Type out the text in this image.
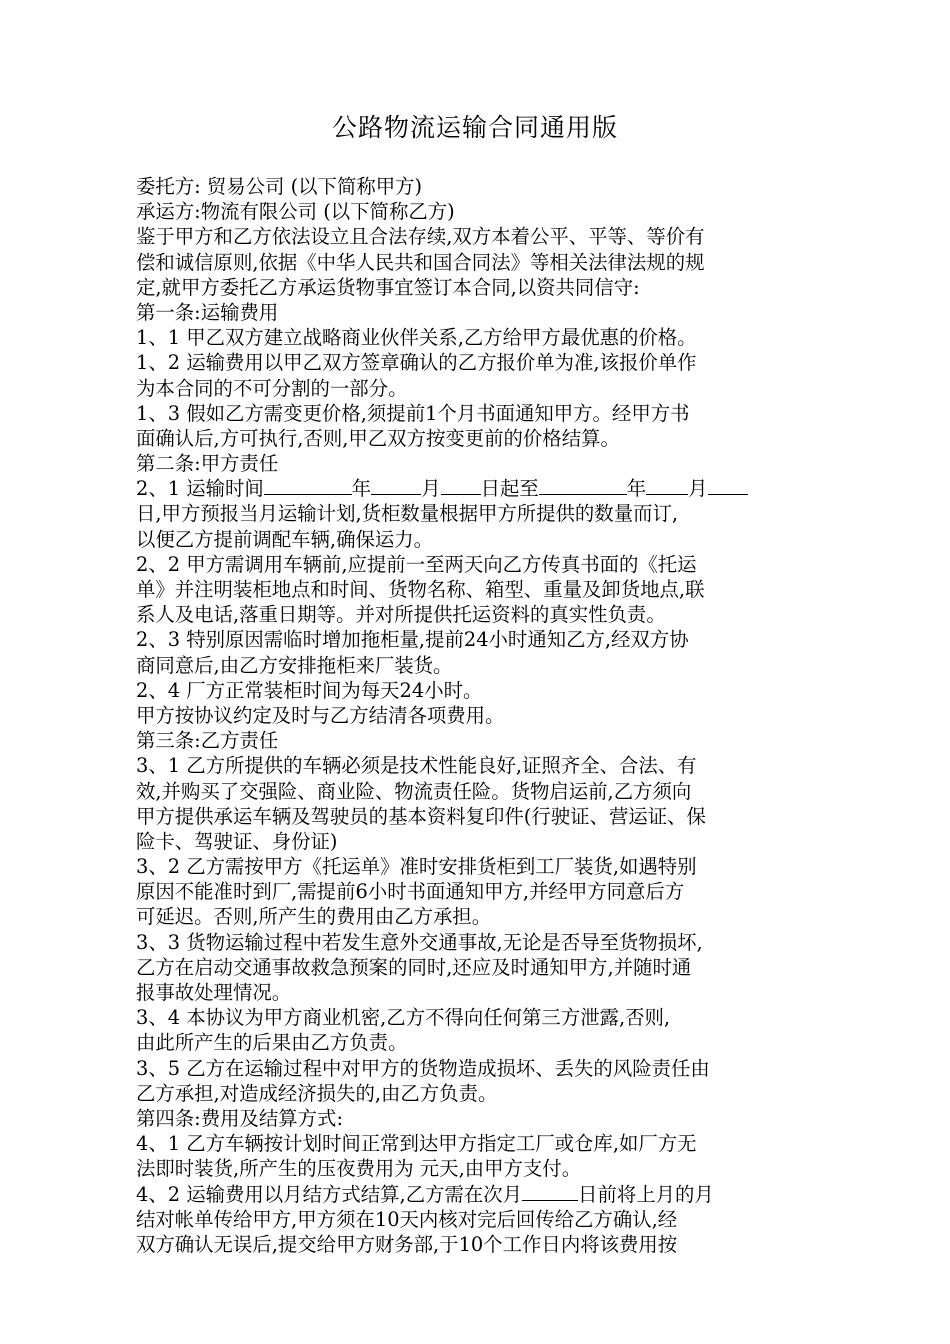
公路物流运输合同通用版
委托方: 贸易公司 (以下简称甲方)
承运方:物流有限公司 (以下简称乙方)
鉴于甲方和乙方依法设立且合法存续,双方本着公平、平等、等价有
偿和诚信原则,依据《中华人民共和国合同法》等相关法律法规的规
定,就甲方委托乙方承运货物事宜签订本合同,以资共同信守:
第一条:运输费用
1、1 甲乙双方建立战略商业伙伴关系,乙方给甲方最优惠的价格。
1、2 运输费用以甲乙双方签章确认的乙方报价单为准,该报价单作
为本合同的不可分割的一部分。
1、3 假如乙方需变更价格,须提前1个月书面通知甲方。经甲方书
面确认后,方可执行,否则,甲乙双方按变更前的价格结算。
第二条:甲方责任
2、1 运输时间	年	月 日起至	年 月
日,甲方预报当月运输计划,货柜数量根据甲方所提供的数量而订,
以便乙方提前调配车辆,确保运力。
2、2 甲方需调用车辆前,应提前一至两天向乙方传真书面的《托运
单》并注明装柜地点和时间、货物名称、箱型、重量及卸货地点,联
系人及电话,落重日期等。并对所提供托运资料的真实性负责。
2、3 特别原因需临时增加拖柜量,提前24小时通知乙方,经双方协
商同意后,由乙方安排拖柜来厂装货。
2、4 厂方正常装柜时间为每天24小时。
甲方按协议约定及时与乙方结清各项费用。
第三条:乙方责任
3、1 乙方所提供的车辆必须是技术性能良好,证照齐全、合法、有
效,并购买了交强险、商业险、物流责任险。货物启运前,乙方须向
甲方提供承运车辆及驾驶员的基本资料复印件(行驶证、营运证、保
险卡、驾驶证、身份证)
3、2 乙方需按甲方《托运单》准时安排货柜到工厂装货,如遇特别
原因不能准时到厂,需提前6小时书面通知甲方,并经甲方同意后方
可延迟。否则,所产生的费用由乙方承担。
3、3 货物运输过程中若发生意外交通事故,无论是否导至货物损坏,
乙方在启动交通事故救急预案的同时,还应及时通知甲方,并随时通
报事故处理情况。
3、4 本协议为甲方商业机密,乙方不得向任何第三方泄露,否则,
由此所产生的后果由乙方负责。
3、5 乙方在运输过程中对甲方的货物造成损坏、丢失的风险责任由
乙方承担,对造成经济损失的,由乙方负责。
第四条:费用及结算方式:
4、1 乙方车辆按计划时间正常到达甲方指定工厂或仓库,如厂方无
法即时装货,所产生的压夜费用为 元天,由甲方支付。
4、2 运输费用以月结方式结算,乙方需在次月	日前将上月的月
结对帐单传给甲方,甲方须在10天内核对完后回传给乙方确认,经
双方确认无误后,提交给甲方财务部,于10个工作日内将该费用按
